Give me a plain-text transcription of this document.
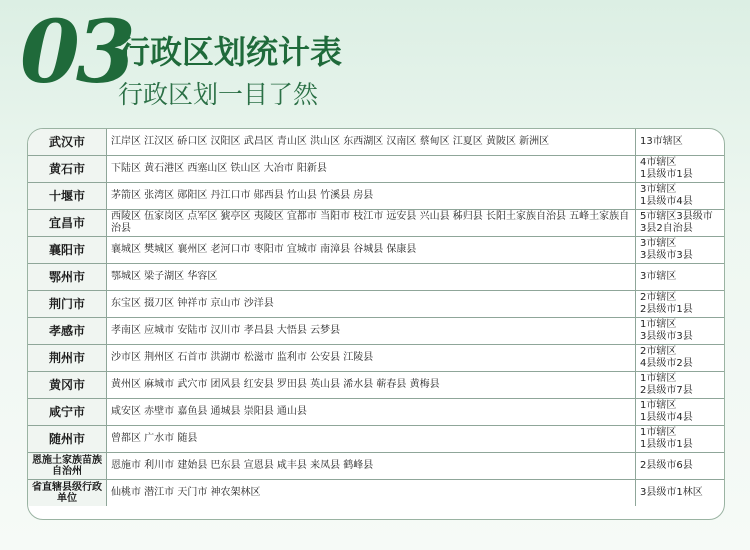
03
行政区划统计表
行政区划一目了然
武汉市	江岸区 江汉区 硚口区 汉阳区 武昌区 青山区 洪山区 东西湖区 汉南区 蔡甸区 江夏区 黄陂区 新洲区	13市辖区
黄石市	下陆区 黄石港区 西塞山区 铁山区 大冶市 阳新县	4市辖区
1县级市1县
十堰市	茅箭区 张湾区 郧阳区 丹江口市 郧西县 竹山县 竹溪县 房县	3市辖区
1县级市4县
宜昌市	西陵区 伍家岗区 点军区 猇亭区 夷陵区 宜都市 当阳市 枝江市 远安县 兴山县 秭归县 长阳土家族自治县 五峰土家族自治县	5市辖区3县级市
3县2自治县
襄阳市	襄城区 樊城区 襄州区 老河口市 枣阳市 宜城市 南漳县 谷城县 保康县	3市辖区
3县级市3县
鄂州市	鄂城区 梁子湖区 华容区	3市辖区
荆门市	东宝区 掇刀区 钟祥市 京山市 沙洋县	2市辖区
2县级市1县
孝感市	孝南区 应城市 安陆市 汉川市 孝昌县 大悟县 云梦县	1市辖区
3县级市3县
荆州市	沙市区 荆州区 石首市 洪湖市 松滋市 监利市 公安县 江陵县	2市辖区
4县级市2县
黄冈市	黄州区 麻城市 武穴市 团风县 红安县 罗田县 英山县 浠水县 蕲春县 黄梅县	1市辖区
2县级市7县
咸宁市	咸安区 赤壁市 嘉鱼县 通城县 崇阳县 通山县	1市辖区
1县级市4县
随州市	曾都区 广水市 随县	1市辖区
1县级市1县
恩施土家族苗族自治州	恩施市 利川市 建始县 巴东县 宣恩县 咸丰县 来凤县 鹤峰县	2县级市6县
省直辖县级行政单位	仙桃市 潜江市 天门市 神农架林区	3县级市1林区
